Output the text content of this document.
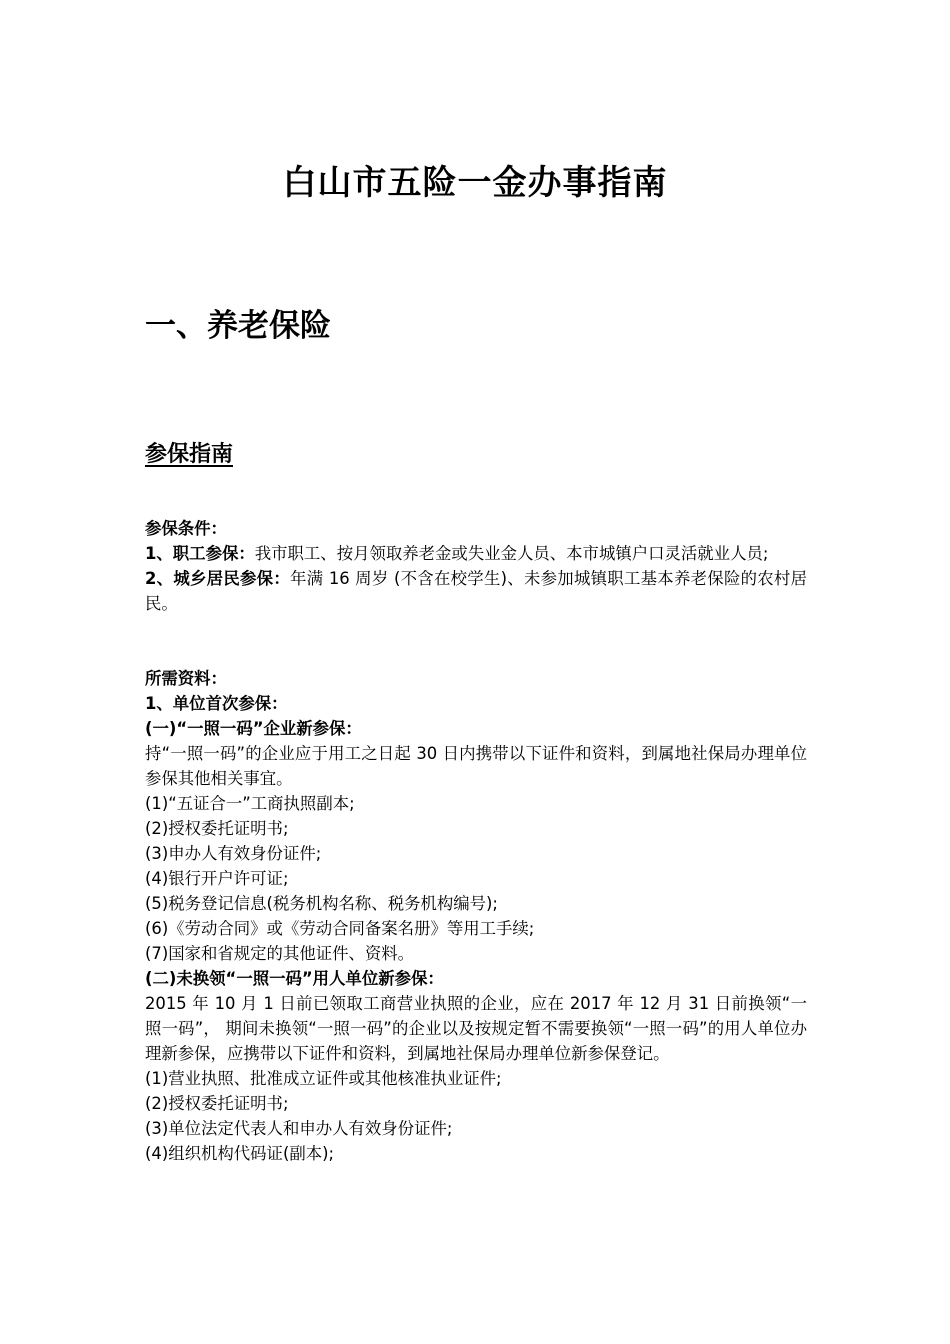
白山市五险一金办事指南
一、养老保险
参保指南

参保条件：

1、职工参保：我市职工、按月领取养老金或失业金人员、本市城镇户口灵活就业人员;

2、城乡居民参保：年满 16 周岁 (不含在校学生)、未参加城镇职工基本养老保险的农村居民。

所需资料：

1、单位首次参保：

(一)“一照一码”企业新参保：

持“一照一码”的企业应于用工之日起 30 日内携带以下证件和资料，到属地社保局办理单位参保其他相关事宜。

(1)“五证合一”工商执照副本;

(2)授权委托证明书;

(3)申办人有效身份证件;

(4)银行开户许可证;

(5)税务登记信息(税务机构名称、税务机构编号);

(6)《劳动合同》或《劳动合同备案名册》等用工手续;

(7)国家和省规定的其他证件、资料。

(二)未换领“一照一码”用人单位新参保：

2015 年 10 月 1 日前已领取工商营业执照的企业，应在 2017 年 12 月 31 日前换领“一照一码”， 期间未换领“一照一码”的企业以及按规定暂不需要换领“一照一码”的用人单位办理新参保，应携带以下证件和资料，到属地社保局办理单位新参保登记。

(1)营业执照、批准成立证件或其他核准执业证件;

(2)授权委托证明书;

(3)单位法定代表人和申办人有效身份证件;

(4)组织机构代码证(副本);
